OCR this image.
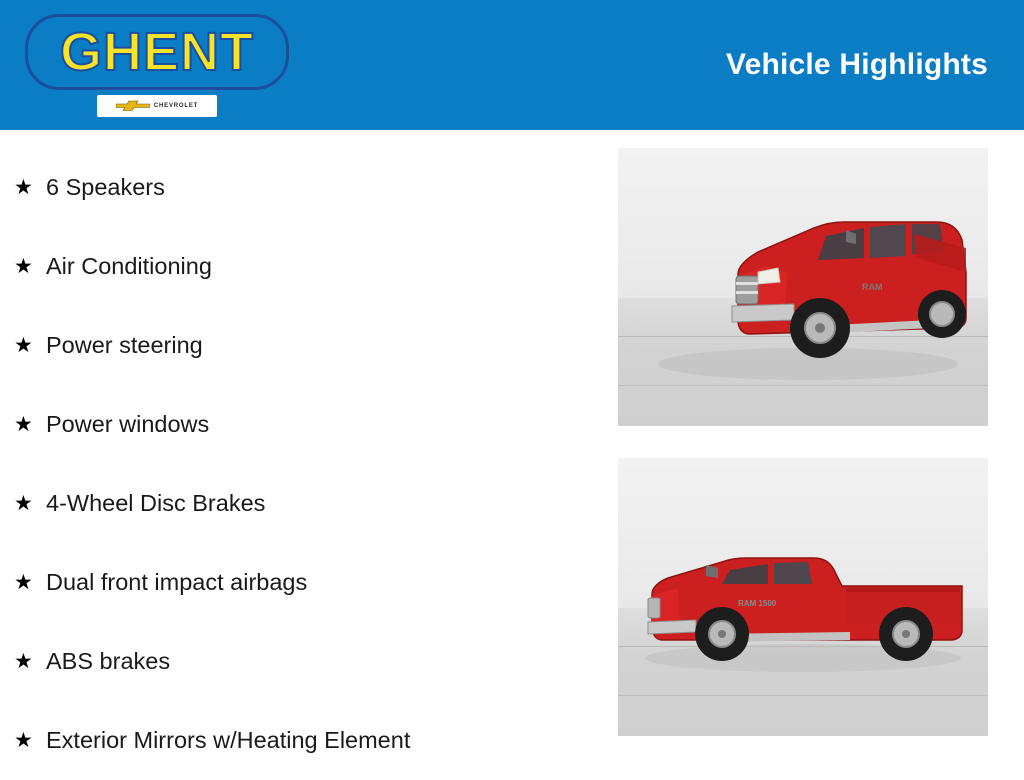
GHENT
CHEVROLET
Vehicle Highlights
★ 6 Speakers
★ Air Conditioning
★ Power steering
★ Power windows
★ 4-Wheel Disc Brakes
★ Dual front impact airbags
★ ABS brakes
★ Exterior Mirrors w/Heating Element
RAM
RAM 1500
